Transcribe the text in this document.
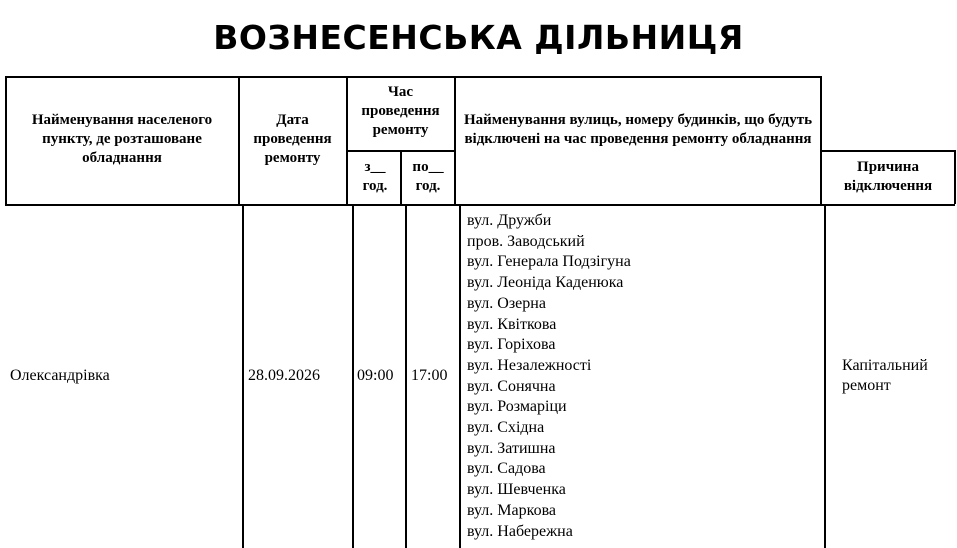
ВОЗНЕСЕНСЬКА ДІЛЬНИЦЯ
Найменування населеного пункту, де розташоване обладнання
Дата проведення ремонту
Час проведення ремонту
з__ год.
по__ год.
Найменування вулиць, номеру будинків, що будуть відключені на час проведення ремонту обладнання
Причина відключення
Олександрівка	28.09.2026 09:00 17:00
вул. Дружби
пров. Заводський
вул. Генерала Подзігуна
вул. Леоніда Каденюка
вул. Озерна
вул. Квіткова
вул. Горіхова
вул. Незалежності
вул. Сонячна
вул. Розмаріци
вул. Східна
вул. Затишна
вул. Садова
вул. Шевченка
вул. Маркова
вул. Набережна
Капітальний ремонт
